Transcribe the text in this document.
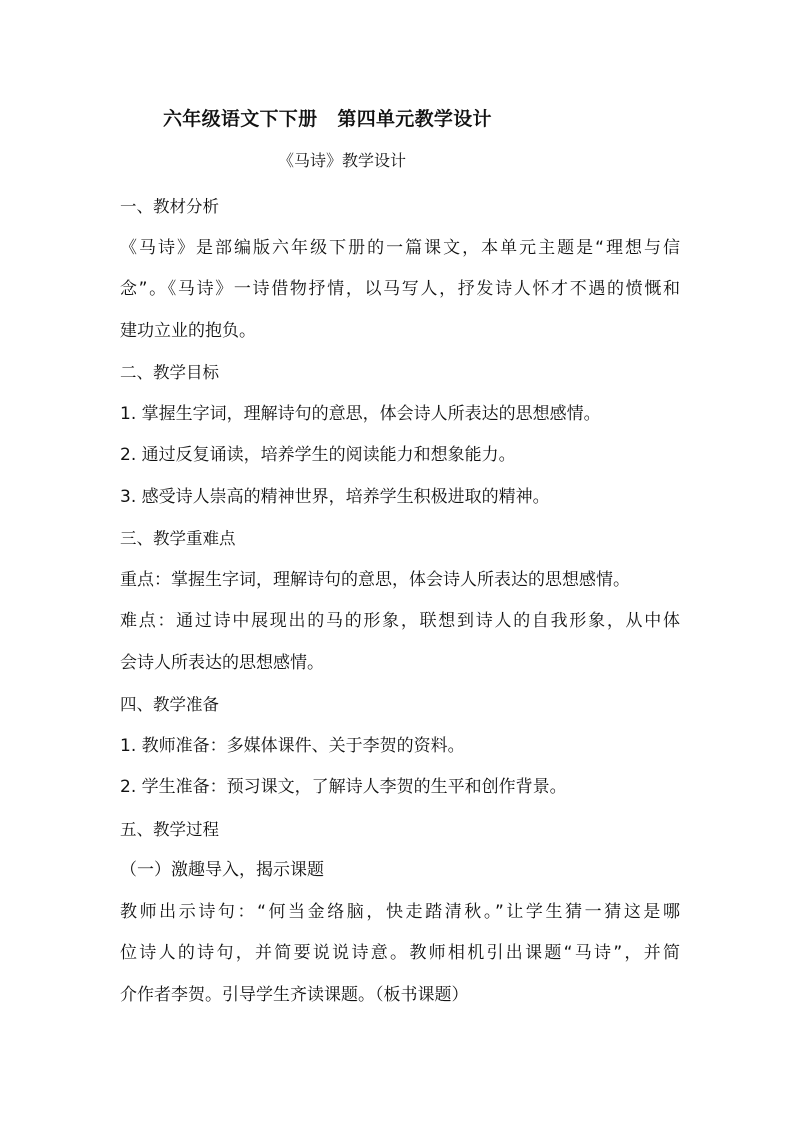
六年级语文下下册 第四单元教学设计
《马诗》教学设计
一、教材分析
《马诗》是部编版六年级下册的一篇课文，本单元主题是“理想与信
念”。《马诗》一诗借物抒情，以马写人，抒发诗人怀才不遇的愤慨和
建功立业的抱负。
二、教学目标
1. 掌握生字词，理解诗句的意思，体会诗人所表达的思想感情。
2. 通过反复诵读，培养学生的阅读能力和想象能力。
3. 感受诗人崇高的精神世界，培养学生积极进取的精神。
三、教学重难点
重点：掌握生字词，理解诗句的意思，体会诗人所表达的思想感情。
难点：通过诗中展现出的马的形象，联想到诗人的自我形象，从中体
会诗人所表达的思想感情。
四、教学准备
1. 教师准备：多媒体课件、关于李贺的资料。
2. 学生准备：预习课文，了解诗人李贺的生平和创作背景。
五、教学过程
（一）激趣导入，揭示课题
教师出示诗句：“何当金络脑，快走踏清秋。”让学生猜一猜这是哪
位诗人的诗句，并简要说说诗意。教师相机引出课题“马诗”，并简
介作者李贺。引导学生齐读课题。（板书课题）
